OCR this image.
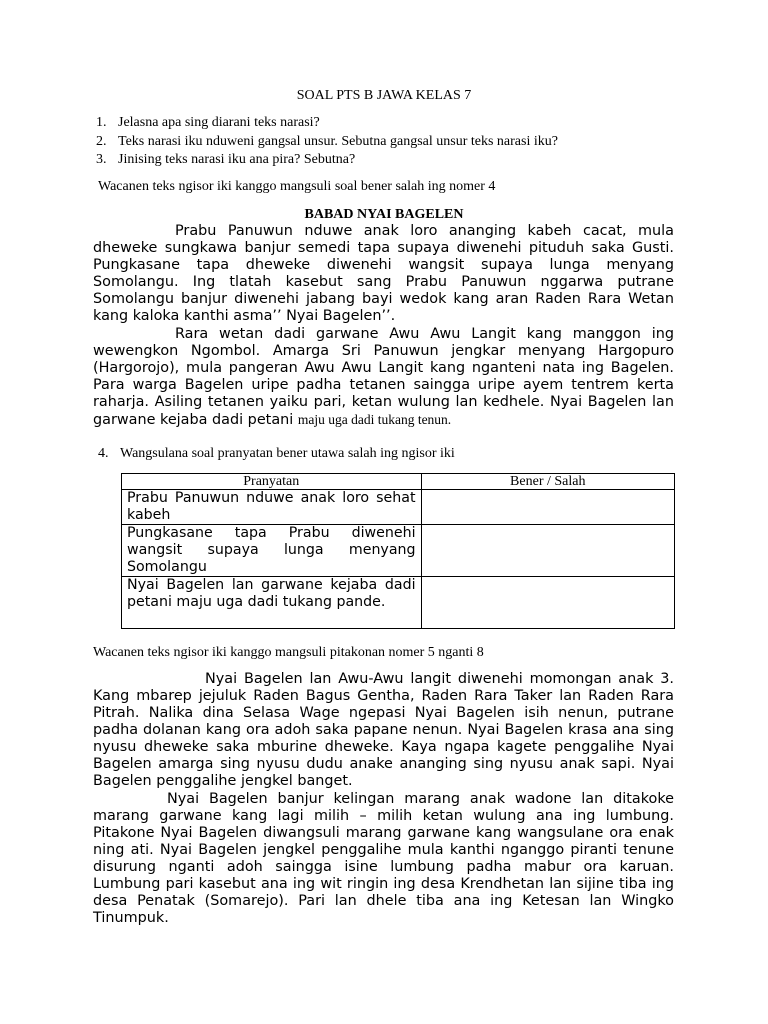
SOAL PTS B JAWA KELAS 7
1. Jelasna apa sing diarani teks narasi?
2. Teks narasi iku nduweni gangsal unsur. Sebutna gangsal unsur teks narasi iku?
3. Jinising teks narasi iku ana pira? Sebutna?
Wacanen teks ngisor iki kanggo mangsuli soal bener salah ing nomer 4
BABAD NYAI BAGELEN

Prabu Panuwun nduwe anak loro ananging kabeh cacat, mula dheweke sungkawa banjur semedi tapa supaya diwenehi pituduh saka Gusti. Pungkasane tapa dheweke diwenehi wangsit supaya lunga menyang Somolangu. Ing tlatah kasebut sang Prabu Panuwun nggarwa putrane Somolangu banjur diwenehi jabang bayi wedok kang aran Raden Rara Wetan kang kaloka kanthi asma’’ Nyai Bagelen’’.

Rara wetan dadi garwane Awu Awu Langit kang manggon ing wewengkon Ngombol. Amarga Sri Panuwun jengkar menyang Hargopuro (Hargorojo), mula pangeran Awu Awu Langit kang nganteni nata ing Bagelen. Para warga Bagelen uripe padha tetanen saingga uripe ayem tentrem kerta raharja. Asiling tetanen yaiku pari, ketan wulung lan kedhele. Nyai Bagelen lan garwane kejaba dadi petani maju uga dadi tukang tenun.

4. Wangsulana soal pranyatan bener utawa salah ing ngisor iki
Pranyatan	Bener / Salah
Prabu Panuwun nduwe anak loro sehat kabeh	
Pungkasane tapa Prabu diwenehi wangsit supaya lunga menyang Somolangu	
Nyai Bagelen lan garwane kejaba dadi petani maju uga dadi tukang pande.	
Wacanen teks ngisor iki kanggo mangsuli pitakonan nomer 5 nganti 8

Nyai Bagelen lan Awu-Awu langit diwenehi momongan anak 3. Kang mbarep jejuluk Raden Bagus Gentha, Raden Rara Taker lan Raden Rara Pitrah. Nalika dina Selasa Wage ngepasi Nyai Bagelen isih nenun, putrane padha dolanan kang ora adoh saka papane nenun. Nyai Bagelen krasa ana sing nyusu dheweke saka mburine dheweke. Kaya ngapa kagete penggalihe Nyai Bagelen amarga sing nyusu dudu anake ananging sing nyusu anak sapi. Nyai Bagelen penggalihe jengkel banget.

Nyai Bagelen banjur kelingan marang anak wadone lan ditakoke marang garwane kang lagi milih – milih ketan wulung ana ing lumbung. Pitakone Nyai Bagelen diwangsuli marang garwane kang wangsulane ora enak ning ati. Nyai Bagelen jengkel penggalihe mula kanthi nganggo piranti tenune disurung nganti adoh saingga isine lumbung padha mabur ora karuan. Lumbung pari kasebut ana ing wit ringin ing desa Krendhetan lan sijine tiba ing desa Penatak (Somarejo). Pari lan dhele tiba ana ing Ketesan lan Wingko Tinumpuk.
